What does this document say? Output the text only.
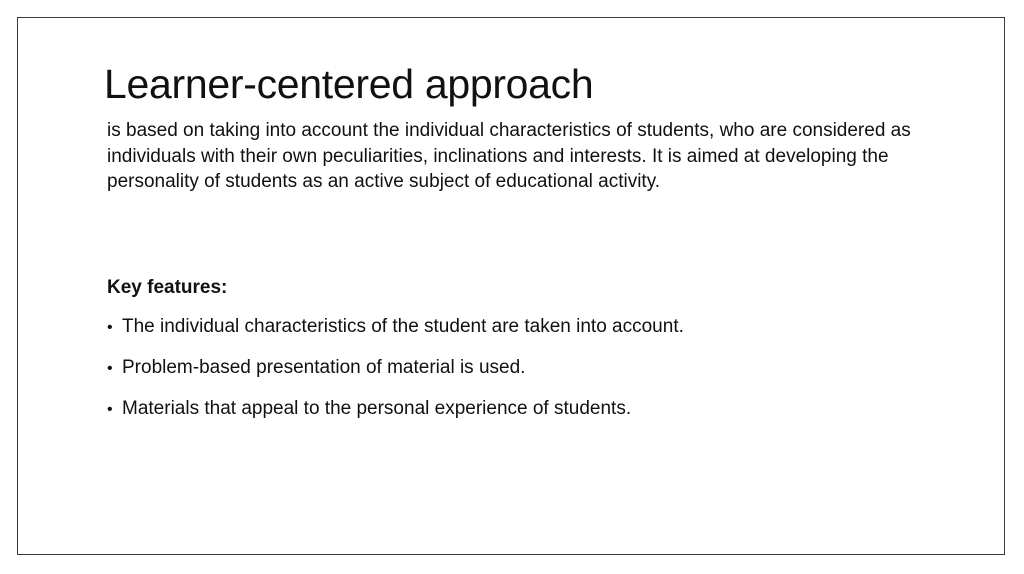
Learner-centered approach

is based on taking into account the individual characteristics of students, who are considered as individuals with their own peculiarities, inclinations and interests. It is aimed at developing the personality of students as an active subject of educational activity.

Key features:

• The individual characteristics of the student are taken into account.
• Problem-based presentation of material is used.
• Materials that appeal to the personal experience of students.
